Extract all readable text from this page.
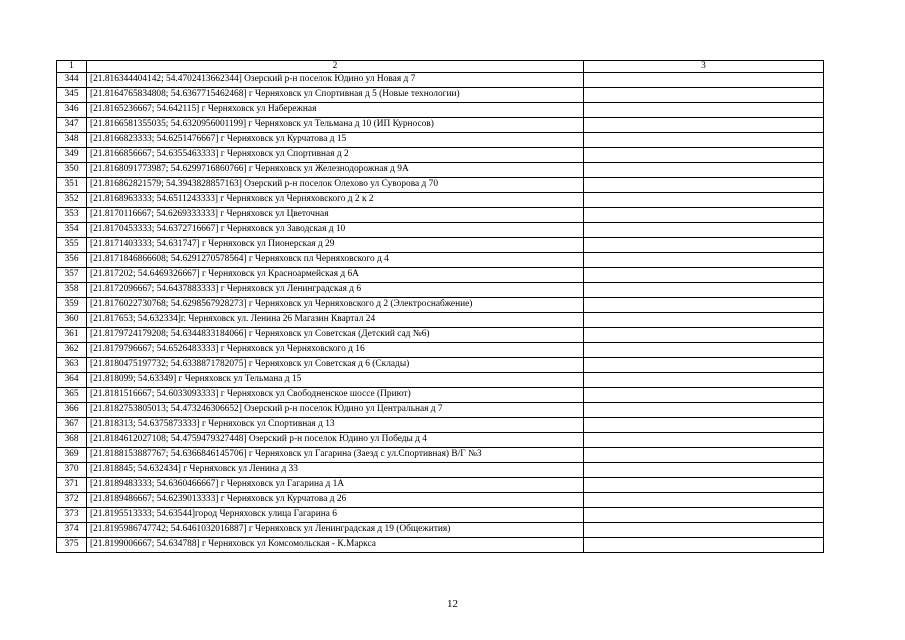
1	2	3
344	[21.816344404142; 54.4702413662344] Озерский р-н поселок Юдино ул Новая д 7	
345	[21.8164765834808; 54.6367715462468] г Черняховск ул Спортивная д 5 (Новые технологии)	
346	[21.8165236667; 54.642115] г Черняховск ул Набережная	
347	[21.8166581355035; 54.6320956001199] г Черняховск ул Тельмана д 10 (ИП Курносов)	
348	[21.8166823333; 54.6251476667] г Черняховск ул Курчатова д 15	
349	[21.8166856667; 54.6355463333] г Черняховск ул Спортивная д 2	
350	[21.8168091773987; 54.6299716860766] г Черняховск ул Железнодорожная д 9А	
351	[21.816862821579; 54.3943828857163] Озерский р-н поселок Олехово ул Суворова д 70	
352	[21.8168963333; 54.6511243333] г Черняховск ул Черняховского д 2 к 2	
353	[21.8170116667; 54.6269333333] г Черняховск ул Цветочная	
354	[21.8170453333; 54.6372716667] г Черняховск ул Заводская д 10	
355	[21.8171403333; 54.631747] г Черняховск ул Пионерская д 29	
356	[21.8171846866608; 54.6291270578564] г Черняховск пл Черняховского д 4	
357	[21.817202; 54.6469326667] г Черняховск ул Красноармейская д 6А	
358	[21.8172096667; 54.6437883333] г Черняховск ул Ленинградская д 6	
359	[21.8176022730768; 54.6298567928273] г Черняховск ул Черняховского д 2 (Электроснабжение)	
360	[21.817653; 54.632334]г. Черняховск ул. Ленина 26 Магазин Квартал 24	
361	[21.8179724179208; 54.6344833184066] г Черняховск ул Советская (Детский сад №6)	
362	[21.8179796667; 54.6526483333] г Черняховск ул Черняховского д 16	
363	[21.8180475197732; 54.6338871782075] г Черняховск ул Советская д 6 (Склады)	
364	[21.818099; 54.63349] г Черняховск ул Тельмана д 15	
365	[21.8181516667; 54.6033093333] г Черняховск ул Свободненское шоссе (Приют)	
366	[21.8182753805013; 54.473246306652] Озерский р-н поселок Юдино ул Центральная д 7	
367	[21.818313; 54.6375873333] г Черняховск ул Спортивная д 13	
368	[21.8184612027108; 54.4759479327448] Озерский р-н поселок Юдино ул Победы д 4	
369	[21.8188153887767; 54.6366846145706] г Черняховск ул Гагарина (Заезд с ул.Спортивная) В/Г №3	
370	[21.818845; 54.632434] г Черняховск ул Ленина д 33	
371	[21.8189483333; 54.6360466667] г Черняховск ул Гагарина д 1А	
372	[21.8189486667; 54.6239013333] г Черняховск ул Курчатова д 26	
373	[21.8195513333; 54.63544]город Черняховск улица Гагарина 6	
374	[21.8195986747742; 54.6461032016887] г Черняховск ул Ленинградская д 19 (Общежития)	
375	[21.8199006667; 54.634788] г Черняховск ул Комсомольская - К.Маркса	
12
